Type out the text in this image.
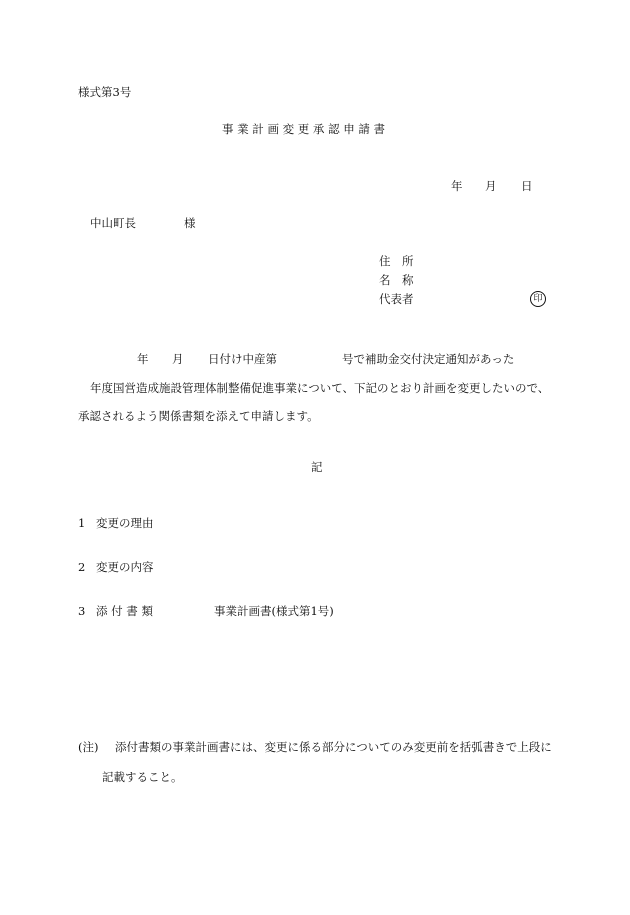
様式第3号
事 業 計 画 変 更 承 認 申 請 書
年 月 日
中山町長	様
住　所
名　称
代表者	印
年 月 日付け中産第	号で補助金交付決定通知があった
年度国営造成施設管理体制整備促進事業について、下記のとおり計画を変更したいので、
承認されるよう関係書類を添えて申請します。
記
1 変更の理由
2 変更の内容
3 添 付 書 類	事業計画書(様式第1号)
(注) 添付書類の事業計画書には、変更に係る部分についてのみ変更前を括弧書きで上段に
記載すること。
